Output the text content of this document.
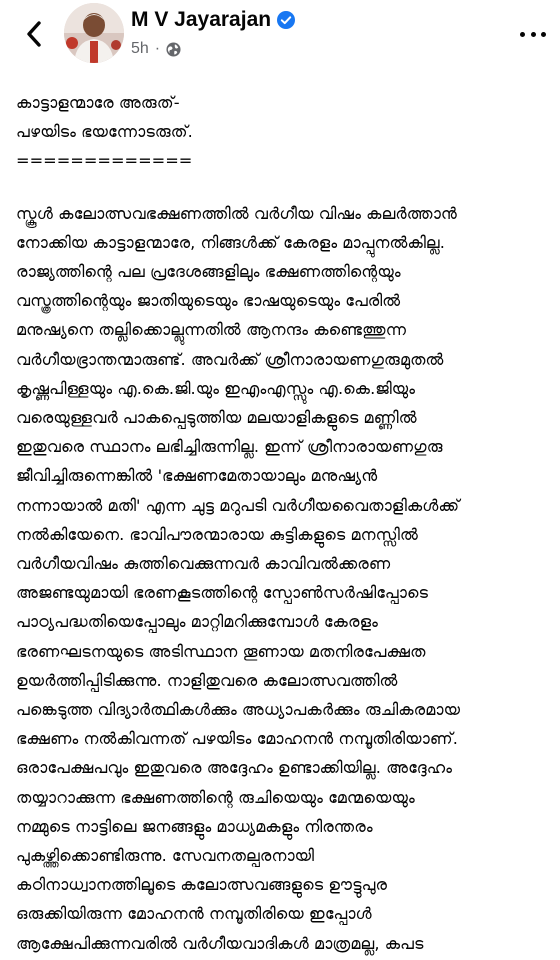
M V Jayarajan
5h ·

കാട്ടാളന്മാരേ അരുത്-

പഴയിടം ഭയന്നോടരുത്.

=============

സ്കൂൾ കലോത്സവഭക്ഷണത്തിൽ വർഗീയ വിഷം കലർത്താൻ

നോക്കിയ കാട്ടാളന്മാരേ, നിങ്ങൾക്ക് കേരളം മാപ്പുനൽകില്ല.

രാജ്യത്തിന്റെ പല പ്രദേശങ്ങളിലും ഭക്ഷണത്തിന്റെയും

വസ്ത്രത്തിന്റെയും ജാതിയുടെയും ഭാഷയുടെയും പേരിൽ

മനുഷ്യനെ തല്ലിക്കൊല്ലുന്നതിൽ ആനന്ദം കണ്ടെത്തുന്ന

വർഗീയഭ്രാന്തന്മാരുണ്ട്. അവർക്ക് ശ്രീനാരായണഗുരുമുതൽ

കൃഷ്ണപിള്ളയും എ.കെ.ജി.യും ഇഎംഎസ്സും എ.കെ.ജിയും

വരെയുള്ളവർ പാകപ്പെടുത്തിയ മലയാളികളുടെ മണ്ണിൽ

ഇതുവരെ സ്ഥാനം ലഭിച്ചിരുന്നില്ല. ഇന്ന് ശ്രീനാരായണഗുരു

ജീവിച്ചിരുന്നെങ്കിൽ 'ഭക്ഷണമേതായാലും മനുഷ്യൻ

നന്നായാൽ മതി' എന്ന ചുട്ട മറുപടി വർഗീയവൈതാളികൾക്ക്

നൽകിയേനെ. ഭാവിപൗരന്മാരായ കുട്ടികളുടെ മനസ്സിൽ

വർഗീയവിഷം കുത്തിവെക്കുന്നവർ കാവിവൽക്കരണ

അജണ്ടയുമായി ഭരണകൂടത്തിന്റെ സ്പോൺസർഷിപ്പോടെ

പാഠ്യപദ്ധതിയെപ്പോലും മാറ്റിമറിക്കുമ്പോൾ കേരളം

ഭരണഘടനയുടെ അടിസ്ഥാന തൂണായ മതനിരപേക്ഷത

ഉയർത്തിപ്പിടിക്കുന്നു. നാളിതുവരെ കലോത്സവത്തിൽ

പങ്കെടുത്ത വിദ്യാർത്ഥികൾക്കും അധ്യാപകർക്കും രുചികരമായ

ഭക്ഷണം നൽകിവന്നത് പഴയിടം മോഹനൻ നമ്പൂതിരിയാണ്.

ഒരാപേക്ഷപവും ഇതുവരെ അദ്ദേഹം ഉണ്ടാക്കിയില്ല. അദ്ദേഹം

തയ്യാറാക്കുന്ന ഭക്ഷണത്തിന്റെ രുചിയെയും മേന്മയെയും

നമ്മുടെ നാട്ടിലെ ജനങ്ങളും മാധ്യമകളും നിരന്തരം

പുകഴ്ത്തിക്കൊണ്ടിരുന്നു. സേവനതല്പരനായി

കഠിനാധ്വാനത്തിലൂടെ കലോത്സവങ്ങളുടെ ഊട്ടുപുര

ഒരുക്കിയിരുന്ന മോഹനൻ നമ്പൂതിരിയെ ഇപ്പോൾ

ആക്ഷേപിക്കുന്നവരിൽ വർഗീയവാദികൾ മാത്രമല്ല, കപട
